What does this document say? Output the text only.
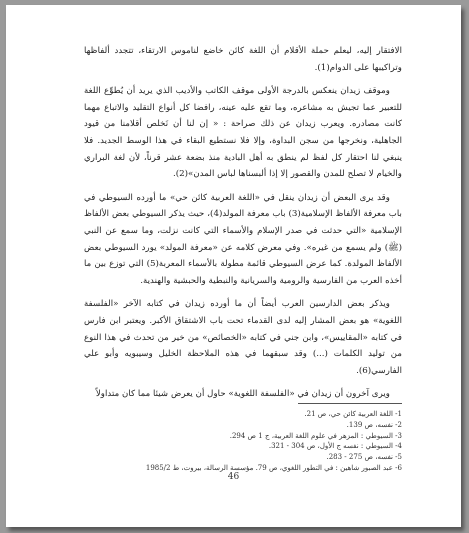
الافتقار إليه، ليعلم حملة الأقلام أن اللغة كائن خاضع لناموس الارتقاء، تتجدد ألفاظها وتراكيبها على الدوام(1).

وموقف زيدان ينعكس بالدرجة الأولى موقف الكاتب والأديب الذي يريد أن يُطوِّع اللغة للتعبير عما تجيش به مشاعره، وما تقع عليه عينه، رافضا كل أنواع التقليد والاتباع مهما كانت مصادره. ويعرب زيدان عن ذلك صراحة : « إن لنا أن نَخلص أقلامنا من قيود الجاهلية، ونخرجها من سجن البداوة، وإلا فلا نستطيع البقاء في هذا الوسط الجديد. فلا ينبغي لنا احتقار كل لفظ لم ينطق به أهل البادية منذ بضعة عشر قرناً، لأن لغة البراري والخيام لا تصلح للمدن والقصور إلا إذا ألبسناها لباس المدن»(2).

وقد يرى البعض أن زيدان ينقل في «اللغة العربية كائن حي» ما أورده السيوطي في باب معرفة الألفاظ الإسلامية(3) باب معرفة المولد(4)، حيث يذكر السيوطي بعض الألفاظ الإسلامية «التي حدثت في صدر الإسلام والأسماء التي كانت نزلت، وما سمع عن النبي (ﷺ) ولم يسمع من غيره». وفي معرض كلامه عن «معرفة المولد» يورد السيوطي بعض الألفاظ المولدة. كما عرض السيوطي قائمة مطولة بالأسماء المعربة(5) التي توزع بين ما أخذه العرب من الفارسية والرومية والسريانية والنبطية والحبشية والهندية.

ويذكر بعض الدارسين العرب أيضاً أن ما أورده زيدان في كتابه الآخر «الفلسفة اللغوية» هو بعض المشار إليه لدى القدماء تحت باب الاشتقاق الأكبر. ويعتبر ابن فارس في كتابه «المقاييس»، وابن جني في كتابه «الخصائص» من خير من تحدث في هذا النوع من توليد الكلمات (...) وقد سبقهما في هذه الملاحظة الخليل وسيبويه وأبو علي الفارسي(6).

ويرى آخرون أن زيدان في «الفلسفة اللغوية» حاول أن يعرض شيئا مما كان متداولاً

1- اللغة العربية كائن حي، ص 21.
2- نفسه، ص 139.
3- السيوطي : المزهر في علوم اللغة العربية، ج 1 ص 294.
4- السيوطي : نفسه ج الأول، ص 304 - 321.
5- نفسه، ص 275 - 283.
6- عبد الصبور شاهين : في التطور اللغوي، ص 79. مؤسسة الرسالة، بيروت، ط 1985/2
46
